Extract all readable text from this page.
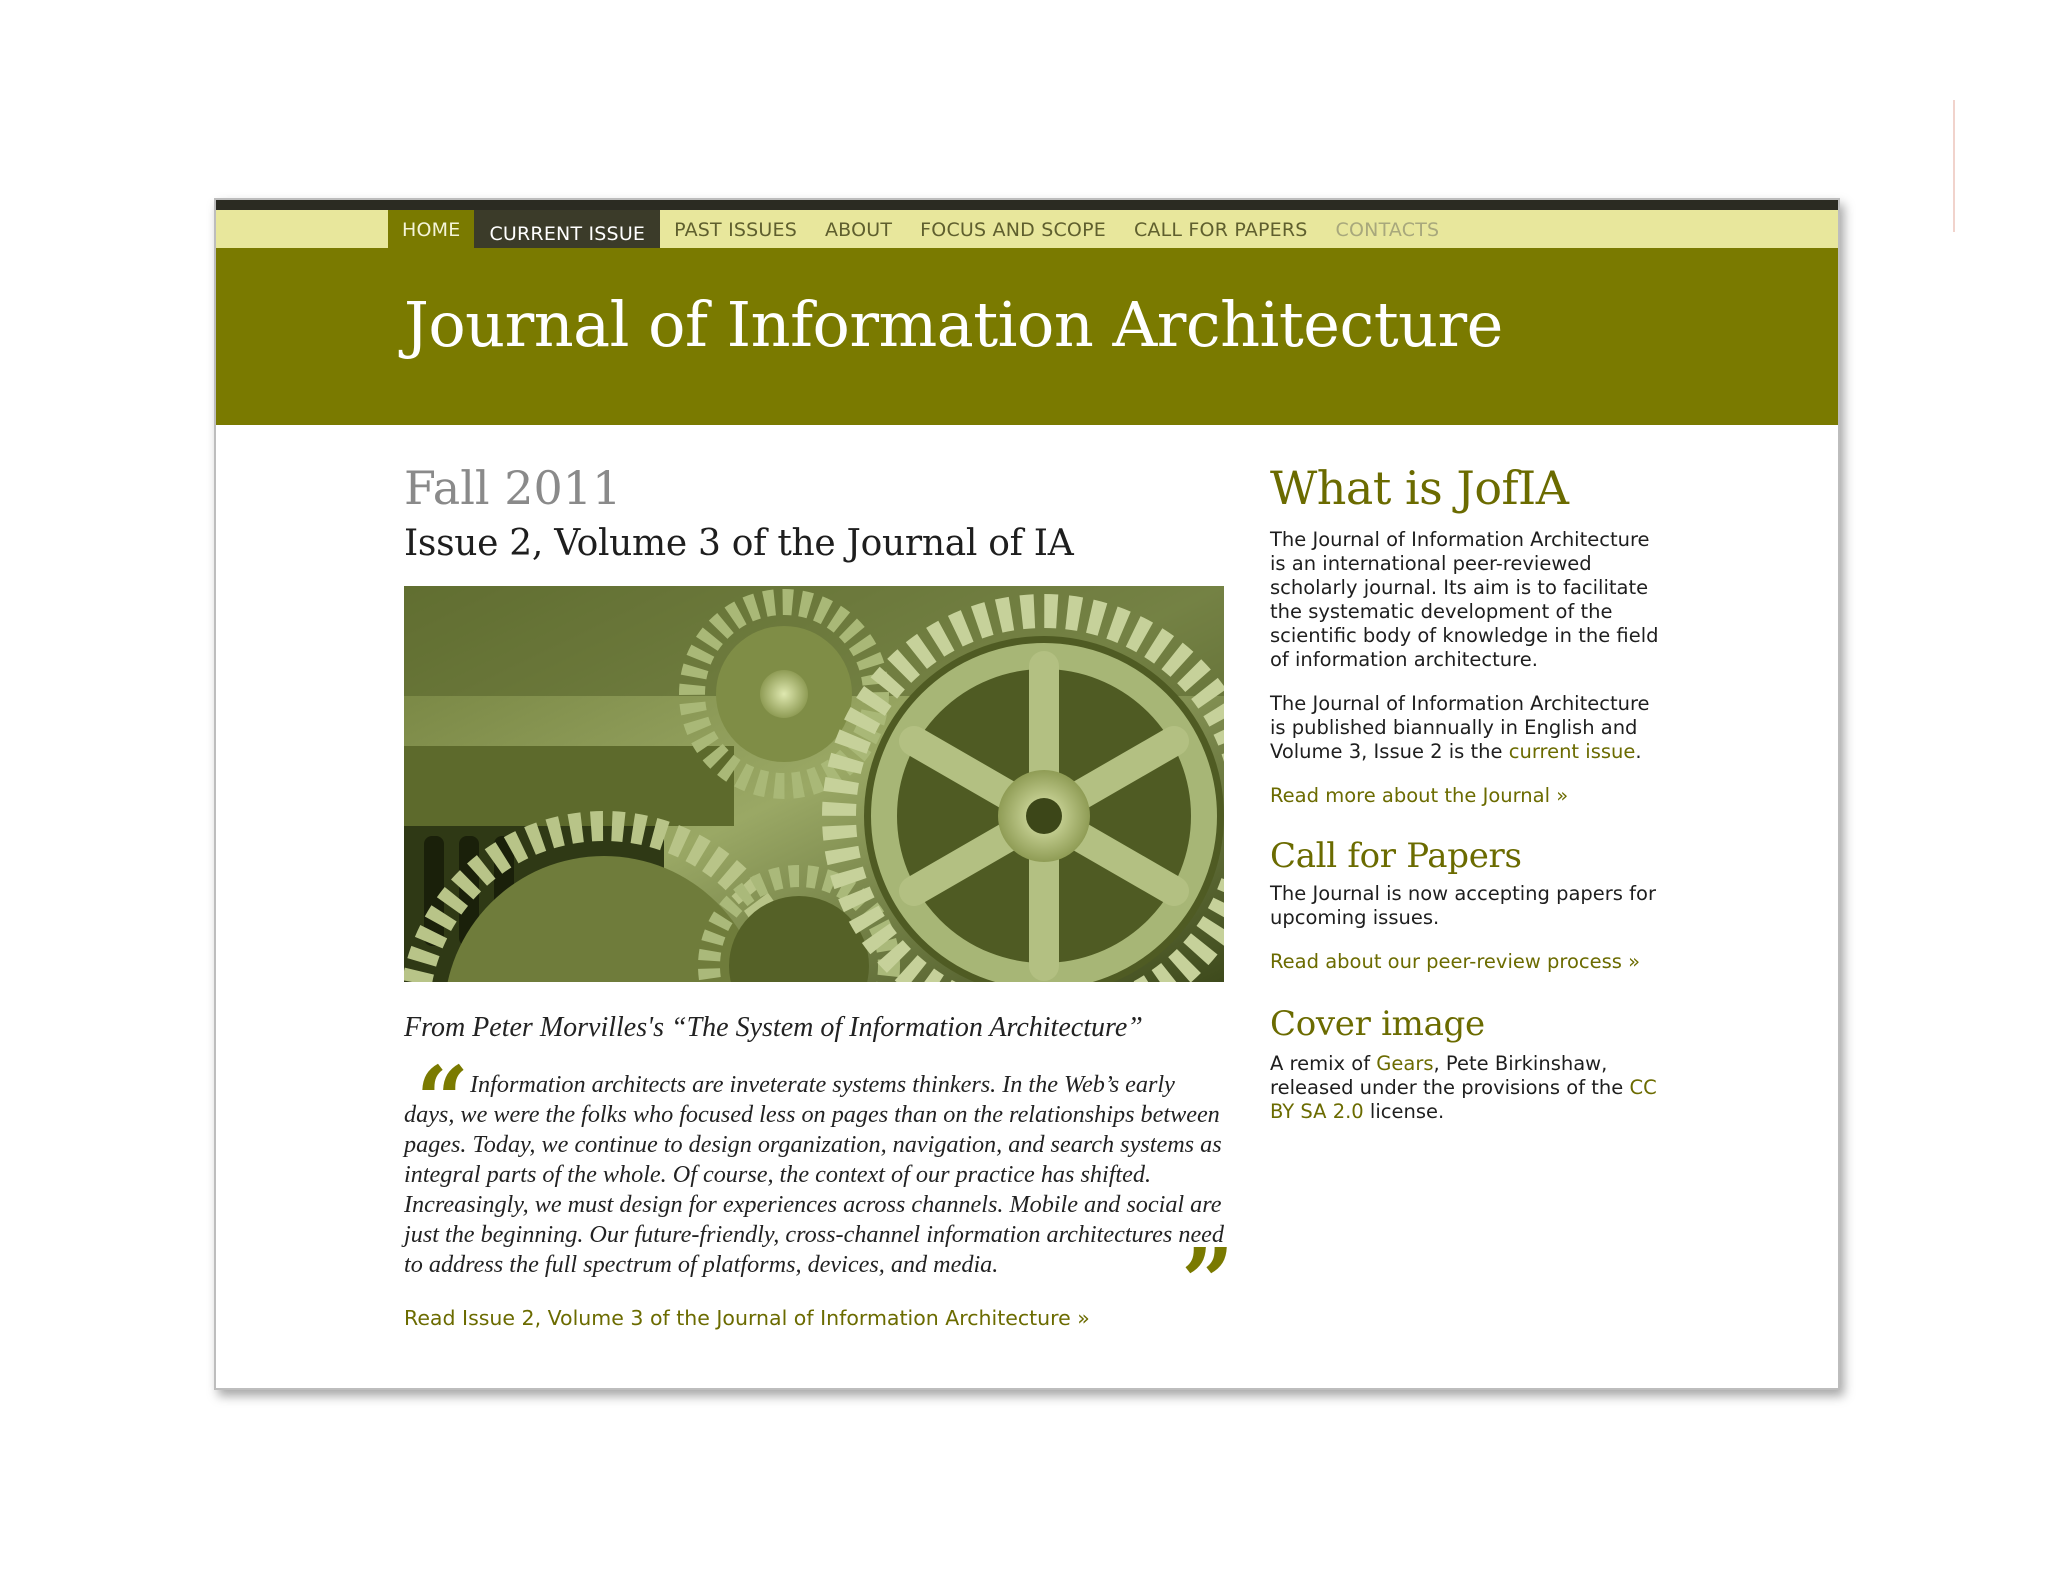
HOME	CURRENT ISSUE	PAST ISSUES	ABOUT	FOCUS AND SCOPE	CALL FOR PAPERS	CONTACTS
Journal of Information Architecture
Fall 2011
Issue 2, Volume 3 of the Journal of IA

From Peter Morvilles's “The System of Information Architecture”

“ Information architects are inveterate systems thinkers. In the Web’s early days, we were the folks who focused less on pages than on the relationships between pages. Today, we continue to design organization, navigation, and search systems as integral parts of the whole. Of course, the context of our practice has shifted. Increasingly, we must design for experiences across channels. Mobile and social are just the beginning. Our future-friendly, cross-channel information architectures need to address the full spectrum of platforms, devices, and media.	”
Read Issue 2, Volume 3 of the Journal of Information Architecture »
What is JofIA

The Journal of Information Architecture is an international peer-reviewed scholarly journal. Its aim is to facilitate the systematic development of the scientific body of knowledge in the field of information architecture.

The Journal of Information Architecture is published biannually in English and Volume 3, Issue 2 is the current issue.

Read more about the Journal »

Call for Papers

The Journal is now accepting papers for upcoming issues.

Read about our peer-review process »

Cover image

A remix of Gears, Pete Birkinshaw, released under the provisions of the CC BY SA 2.0 license.
